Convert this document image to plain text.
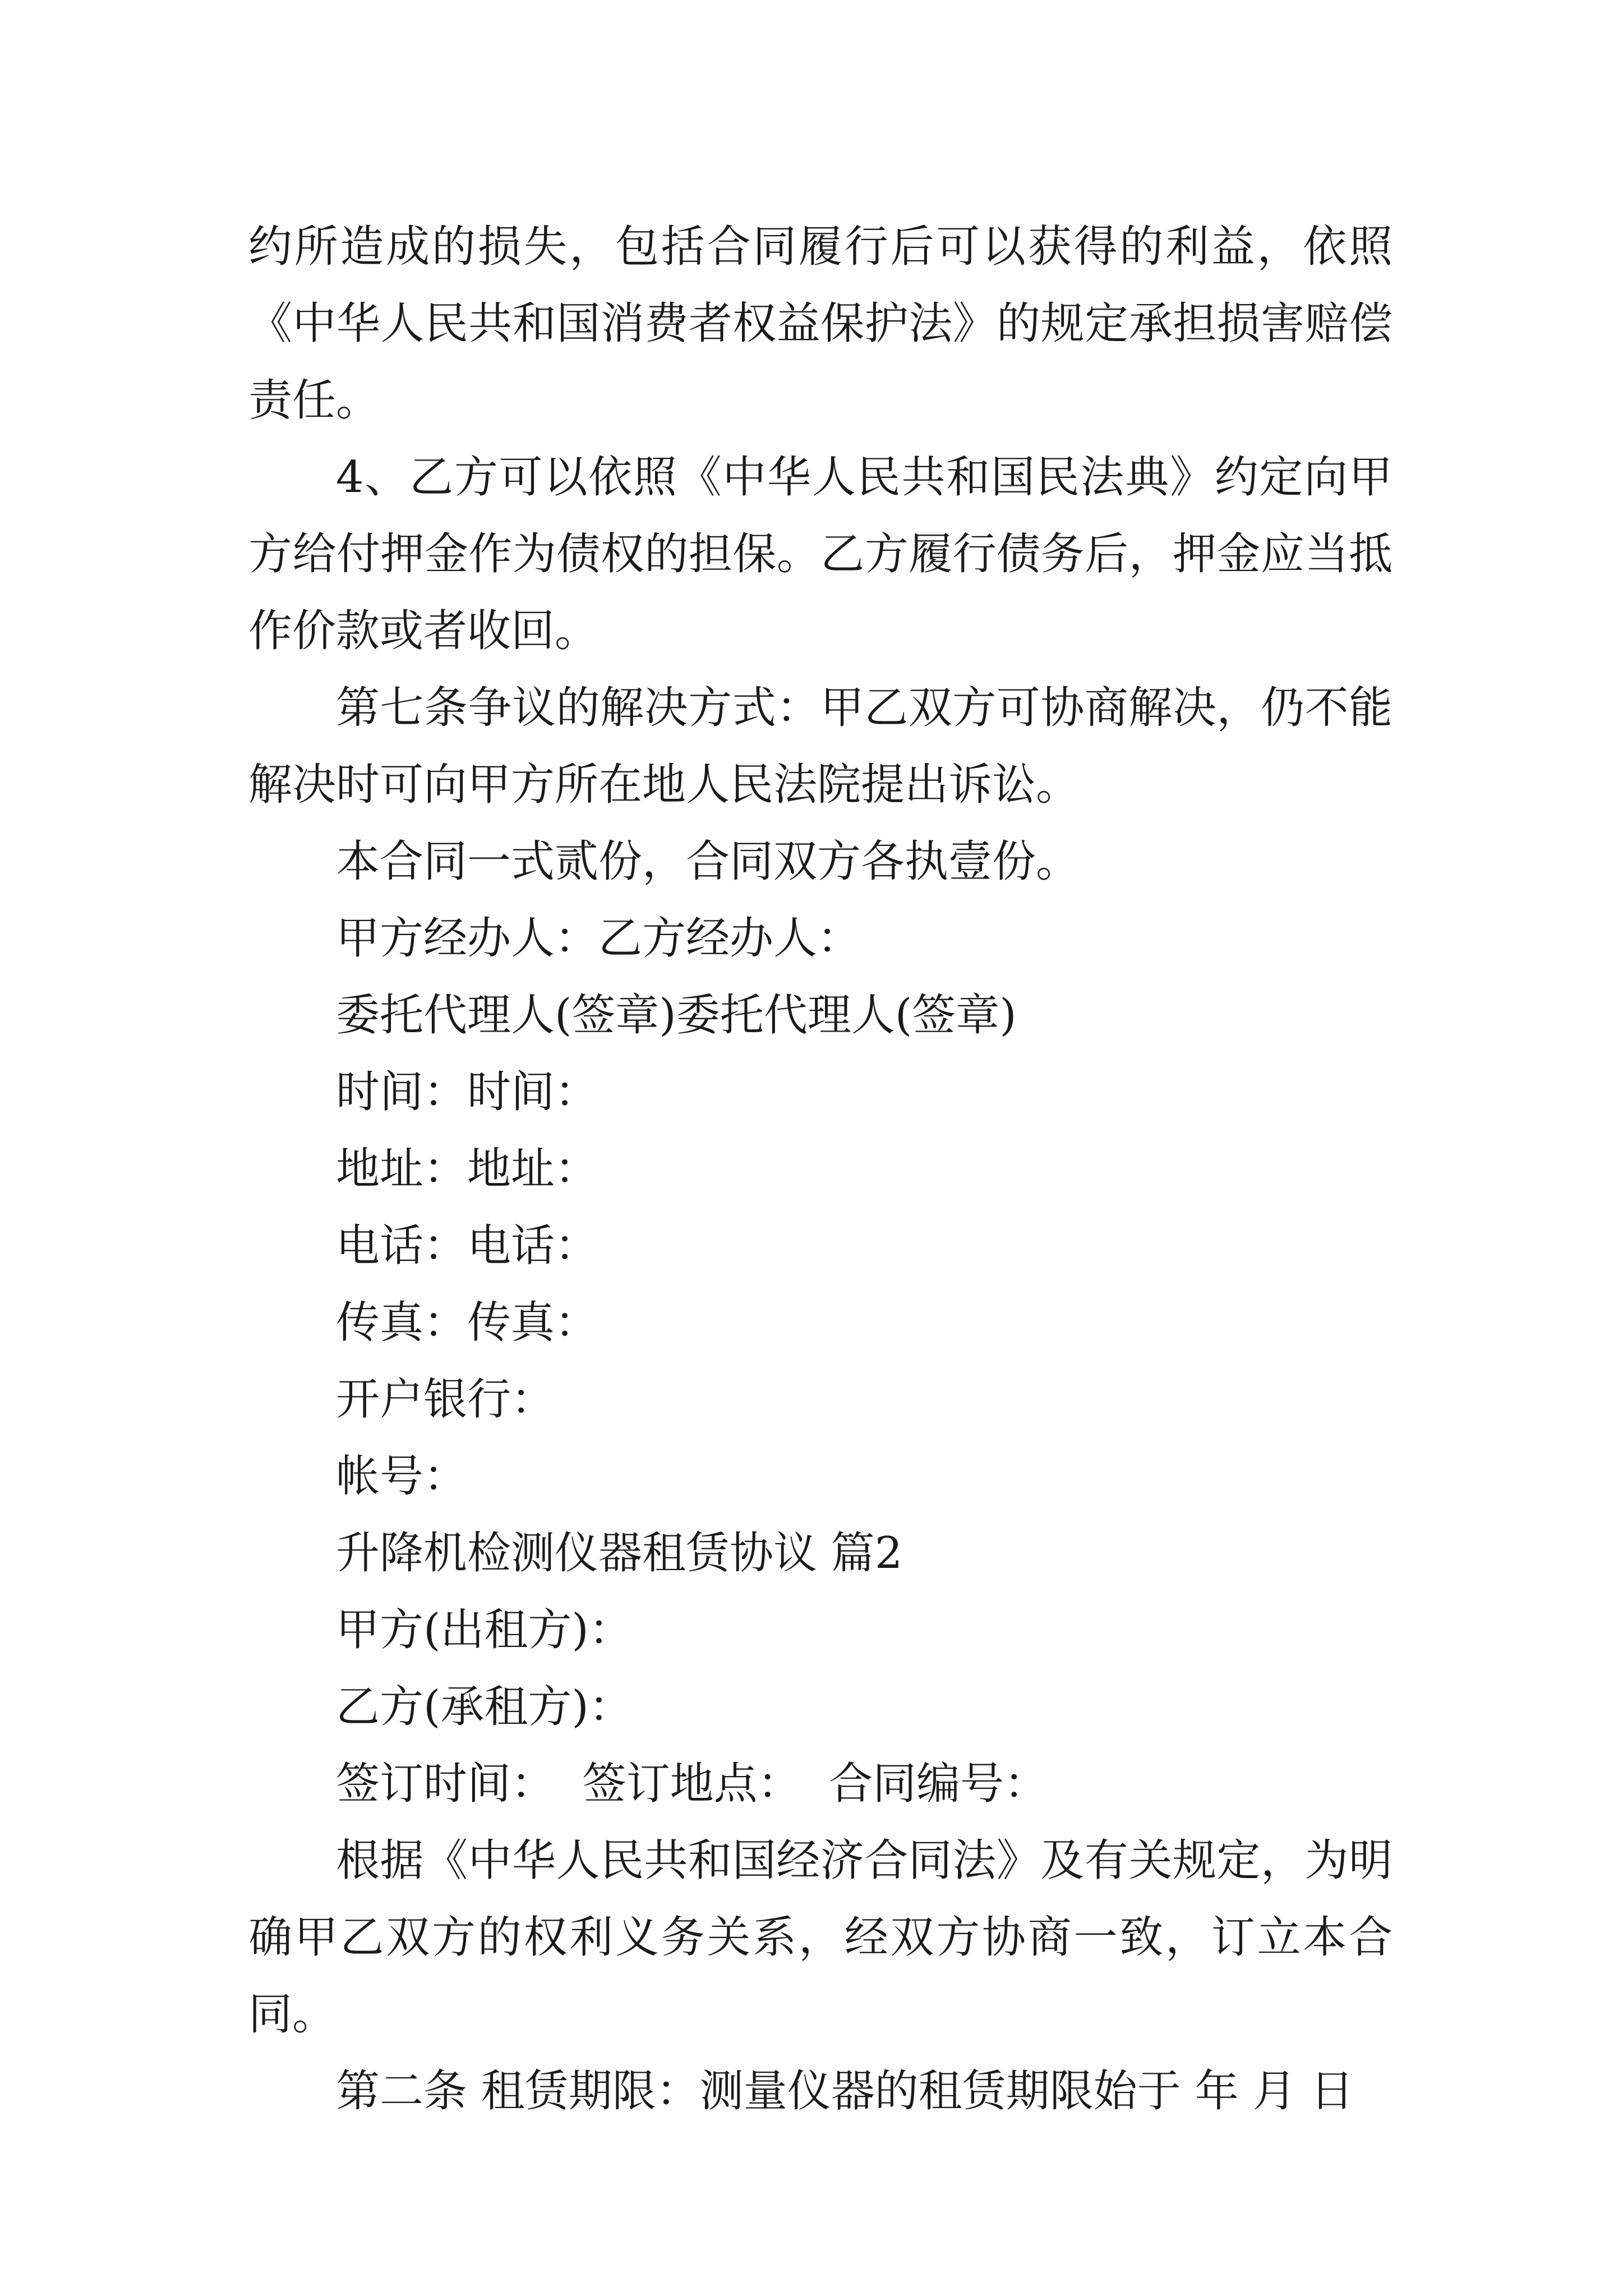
约所造成的损失，包括合同履行后可以获得的利益，依照《中华人民共和国消费者权益保护法》的规定承担损害赔偿责任。

4、乙方可以依照《中华人民共和国民法典》约定向甲方给付押金作为债权的担保。乙方履行债务后，押金应当抵作价款或者收回。

第七条争议的解决方式：甲乙双方可协商解决，仍不能解决时可向甲方所在地人民法院提出诉讼。

本合同一式贰份，合同双方各执壹份。

甲方经办人：乙方经办人：

委托代理人(签章)委托代理人(签章)

时间：时间：

地址：地址：

电话：电话：

传真：传真：

开户银行：

帐号：

升降机检测仪器租赁协议 篇2

甲方(出租方)：

乙方(承租方)：

签订时间：  签订地点：  合同编号：

根据《中华人民共和国经济合同法》及有关规定，为明确甲乙双方的权利义务关系，经双方协商一致，订立本合同。

第二条 租赁期限：测量仪器的租赁期限始于 年 月 日
